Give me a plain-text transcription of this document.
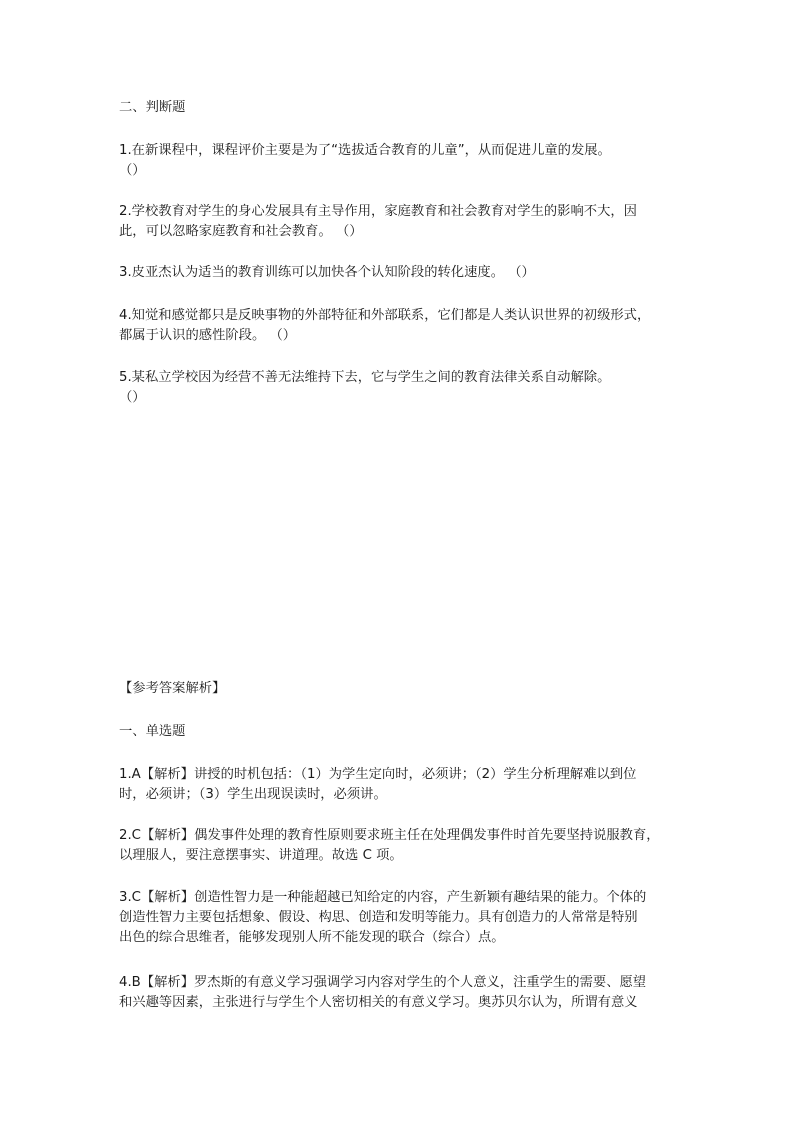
二、判断题

1.在新课程中，课程评价主要是为了“选拔适合教育的儿童”，从而促进儿童的发展。
（）

2.学校教育对学生的身心发展具有主导作用，家庭教育和社会教育对学生的影响不大，因
此，可以忽略家庭教育和社会教育。 （）

3.皮亚杰认为适当的教育训练可以加快各个认知阶段的转化速度。 （）

4.知觉和感觉都只是反映事物的外部特征和外部联系，它们都是人类认识世界的初级形式，
都属于认识的感性阶段。 （）

5.某私立学校因为经营不善无法维持下去，它与学生之间的教育法律关系自动解除。
（）

【参考答案解析】

一、单选题

1.A【解析】讲授的时机包括：（1）为学生定向时，必须讲；（2）学生分析理解难以到位
时，必须讲；（3）学生出现误读时，必须讲。

2.C【解析】偶发事件处理的教育性原则要求班主任在处理偶发事件时首先要坚持说服教育，
以理服人，要注意摆事实、讲道理。故选 C 项。

3.C【解析】创造性智力是一种能超越已知给定的内容，产生新颖有趣结果的能力。个体的
创造性智力主要包括想象、假设、构思、创造和发明等能力。具有创造力的人常常是特别
出色的综合思维者，能够发现别人所不能发现的联合（综合）点。

4.B【解析】罗杰斯的有意义学习强调学习内容对学生的个人意义，注重学生的需要、愿望
和兴趣等因素，主张进行与学生个人密切相关的有意义学习。奥苏贝尔认为，所谓有意义
